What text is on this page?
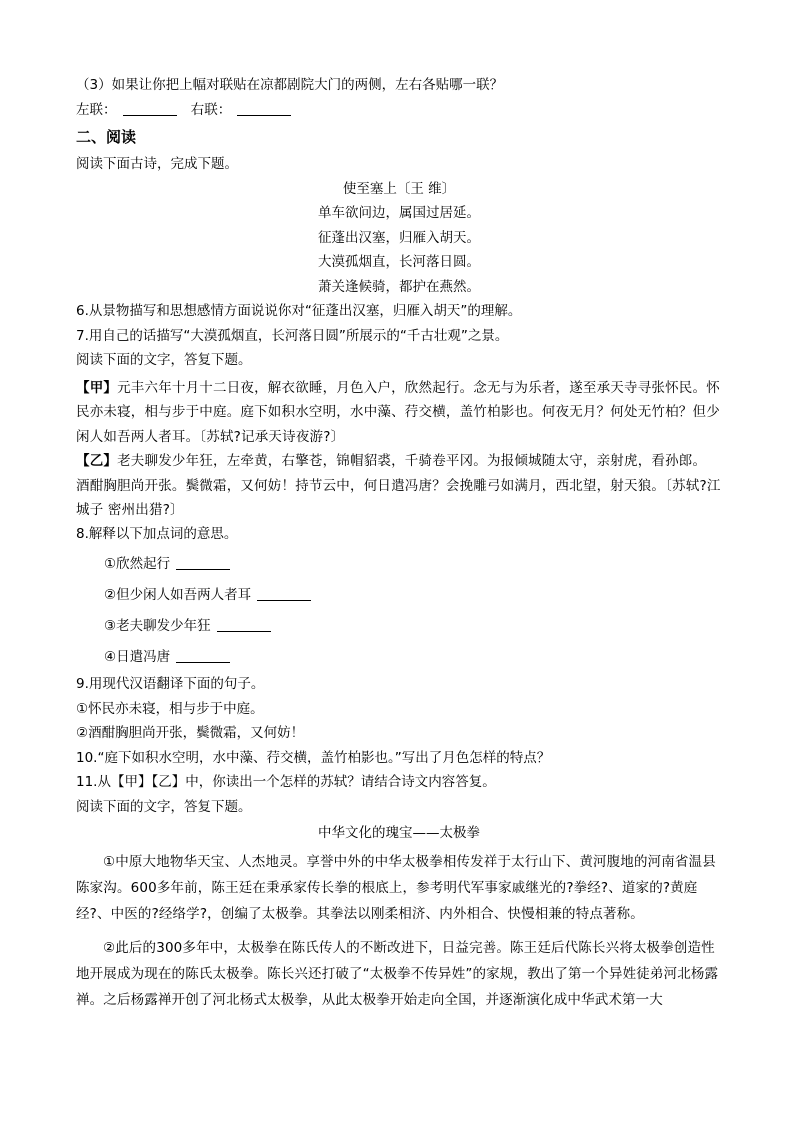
（3）如果让你把上幅对联贴在凉都剧院大门的两侧，左右各贴哪一联？
左联：	右联：
二、阅读
阅读下面古诗，完成下题。
使至塞上〔王 维〕
单车欲问边，属国过居延。
征蓬出汉塞，归雁入胡天。
大漠孤烟直，长河落日圆。
萧关逢候骑，都护在燕然。
6.从景物描写和思想感情方面说说你对“征蓬出汉塞，归雁入胡天”的理解。
7.用自己的话描写“大漠孤烟直，长河落日圆”所展示的“千古壮观”之景。
阅读下面的文字，答复下题。
【甲】元丰六年十月十二日夜，解衣欲睡，月色入户，欣然起行。念无与为乐者，遂至承天寺寻张怀民。怀民亦未寝，相与步于中庭。庭下如积水空明，水中藻、荇交横，盖竹柏影也。何夜无月？何处无竹柏？但少闲人如吾两人者耳。〔苏轼?记承天诗夜游?〕
【乙】老夫聊发少年狂，左牵黄，右擎苍，锦帽貂裘，千骑卷平冈。为报倾城随太守，亲射虎，看孙郎。 酒酣胸胆尚开张。鬓微霜，又何妨！持节云中，何日遣冯唐？会挽雕弓如满月，西北望，射天狼。〔苏轼?江城子 密州出猎?〕
8.解释以下加点词的意思。
①欣然起行
②但少闲人如吾两人者耳
③老夫聊发少年狂
④日遣冯唐
9.用现代汉语翻译下面的句子。
①怀民亦未寝，相与步于中庭。
②酒酣胸胆尚开张，鬓微霜，又何妨！
10.“庭下如积水空明，水中藻、荇交横，盖竹柏影也。”写出了月色怎样的特点？
11.从【甲】【乙】中，你读出一个怎样的苏轼？请结合诗文内容答复。
阅读下面的文字，答复下题。
中华文化的瑰宝——太极拳
①中原大地物华天宝、人杰地灵。享誉中外的中华太极拳相传发祥于太行山下、黄河腹地的河南省温县陈家沟。600多年前，陈王廷在秉承家传长拳的根底上，参考明代军事家戚继光的?拳经?、道家的?黄庭经?、中医的?经络学?，创编了太极拳。其拳法以刚柔相济、内外相合、快慢相兼的特点著称。
②此后的300多年中，太极拳在陈氏传人的不断改进下，日益完善。陈王廷后代陈长兴将太极拳创造性地开展成为现在的陈氏太极拳。陈长兴还打破了“太极拳不传异姓”的家规，教出了第一个异姓徒弟河北杨露禅。之后杨露禅开创了河北杨式太极拳，从此太极拳开始走向全国，并逐渐演化成中华武术第一大
